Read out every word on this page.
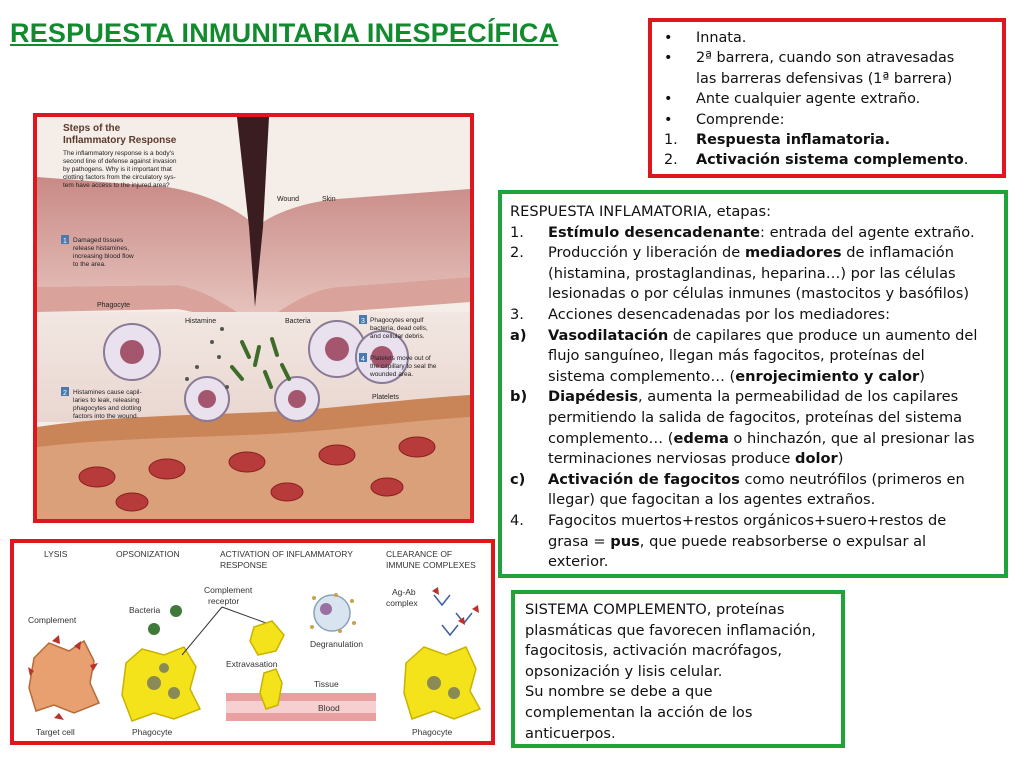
RESPUESTA INMUNITARIA INESPECÍFICA	• Innata.
• 2ª barrera, cuando son atravesadas
las barreras defensivas (1ª barrera)
• Ante cualquier agente extraño.
• Comprende:
1. Respuesta inflamatoria.
2. Activación sistema complemento.
RESPUESTA INFLAMATORIA, etapas:
1. Estímulo desencadenante: entrada del agente extraño.
2. Producción y liberación de mediadores de inflamación
(histamina, prostaglandinas, heparina…) por las células
lesionadas o por células inmunes (mastocitos y basófilos)
3. Acciones desencadenadas por los mediadores:
a) Vasodilatación de capilares que produce un aumento del
flujo sanguíneo, llegan más fagocitos, proteínas del
sistema complemento… (enrojecimiento y calor)
b) Diapédesis, aumenta la permeabilidad de los capilares
permitiendo la salida de fagocitos, proteínas del sistema
complemento… (edema o hinchazón, que al presionar las
terminaciones nerviosas produce dolor)
c) Activación de fagocitos como neutrófilos (primeros en
llegar) que fagocitan a los agentes extraños.
4. Fagocitos muertos+restos orgánicos+suero+restos de
grasa = pus, que puede reabsorberse o expulsar al
exterior.
SISTEMA COMPLEMENTO, proteínas
plasmáticas que favorecen inflamación,
fagocitosis, activación macrófagos,
opsonización y lisis celular.
Su nombre se debe a que
complementan la acción de los
anticuerpos.
Steps of the
Inflammatory Response
The inflammatory response is a body's
second line of defense against invasion
by pathogens. Why is it important that
clotting factors from the circulatory sys-
tem have access to the injured area?
Wound	Skin
1 Damaged tissues
release histamines,
increasing blood flow
to the area.
Phagocyte
Histamine	Bacteria	3 Phagocytes engulf
bacteria, dead cells,
and cellular debris.
4 Platelets move out of
the capillary to seal the
wounded area.
2 Histamines cause capil-
laries to leak, releasing
phagocytes and clotting
factors into the wound.
Platelets
LYSIS	OPSONIZATION	ACTIVATION OF INFLAMMATORY
RESPONSE
CLEARANCE OF
IMMUNE COMPLEXES
Complement
Target cell
Bacteria
Phagocyte
Complement
receptor
Extravasation
Tissue
Blood
Degranulation
Ag-Ab
complex
Phagocyte
